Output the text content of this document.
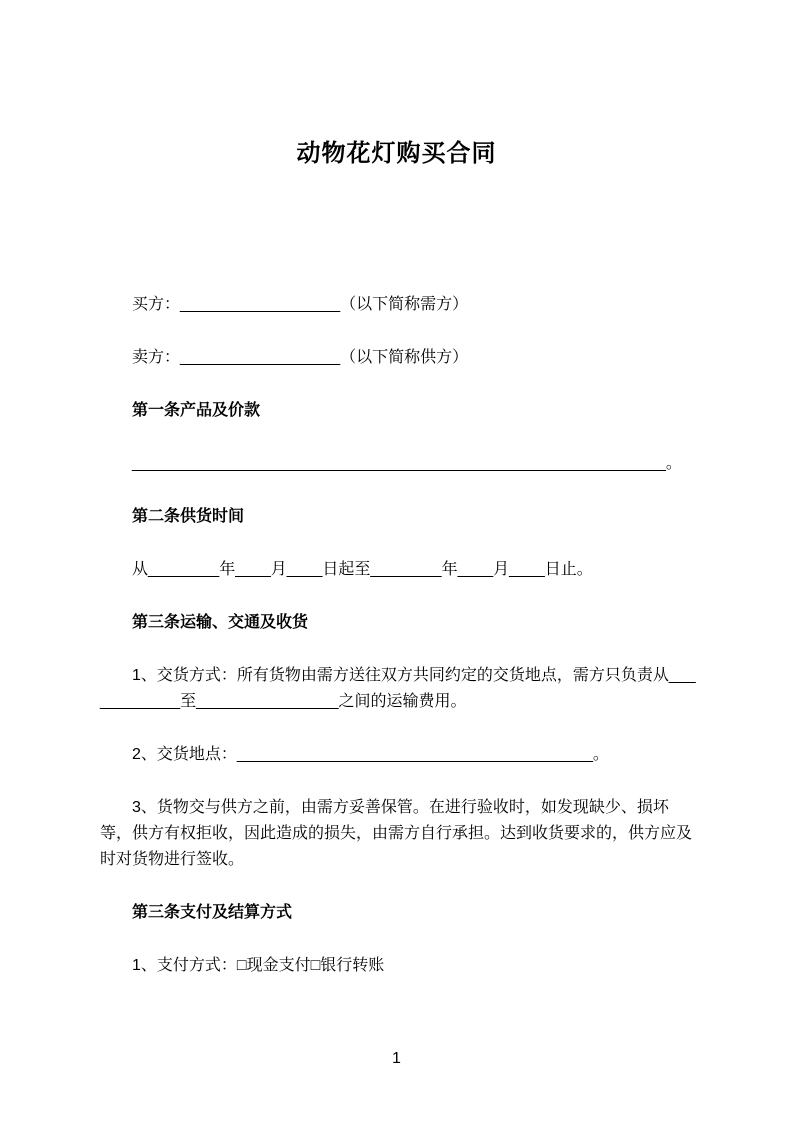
动物花灯购买合同

买方：__________________（以下简称需方）

卖方：__________________（以下简称供方）

第一条产品及价款

____________________________________________________________。

第二条供货时间

从________年____月____日起至________年____月____日止。

第三条运输、交通及收货

1、交货方式：所有货物由需方送往双方共同约定的交货地点，需方只负责从____________至________________之间的运输费用。

2、交货地点：________________________________________。

3、货物交与供方之前，由需方妥善保管。在进行验收时，如发现缺少、损坏等，供方有权拒收，因此造成的损失，由需方自行承担。达到收货要求的，供方应及时对货物进行签收。

第三条支付及结算方式

1、支付方式：□现金支付□银行转账

1
